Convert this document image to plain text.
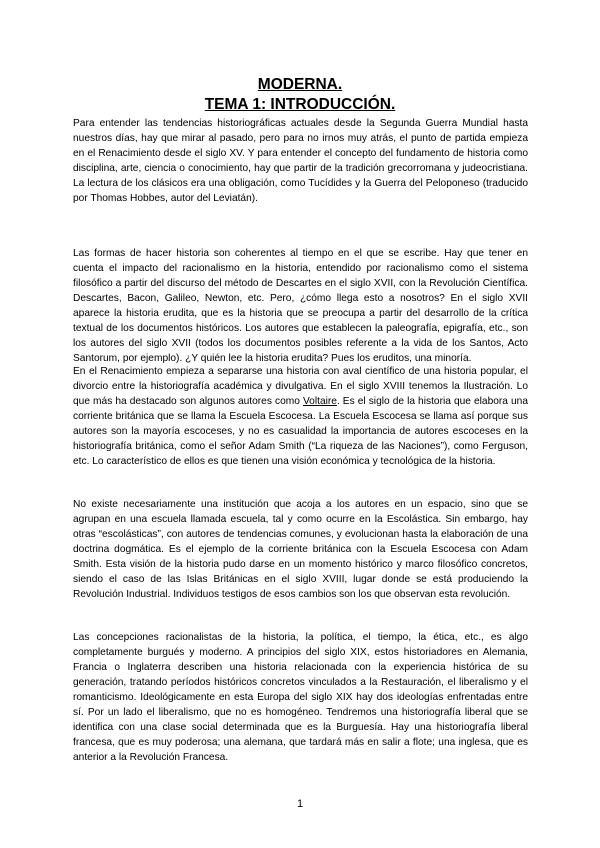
MODERNA.
TEMA 1: INTRODUCCIÓN.

Para entender las tendencias historiográficas actuales desde la Segunda Guerra Mundial hasta nuestros días, hay que mirar al pasado, pero para no irnos muy atrás, el punto de partida empieza en el Renacimiento desde el siglo XV. Y para entender el concepto del fundamento de historia como disciplina, arte, ciencia o conocimiento, hay que partir de la tradición grecorromana y judeocristiana. La lectura de los clásicos era una obligación, como Tucídides y la Guerra del Peloponeso (traducido por Thomas Hobbes, autor del Leviatán).

Las formas de hacer historia son coherentes al tiempo en el que se escribe. Hay que tener en cuenta el impacto del racionalismo en la historia, entendido por racionalismo como el sistema filosófico a partir del discurso del método de Descartes en el siglo XVII, con la Revolución Científica. Descartes, Bacon, Galileo, Newton, etc. Pero, ¿cómo llega esto a nosotros? En el siglo XVII aparece la historia erudita, que es la historia que se preocupa a partir del desarrollo de la crítica textual de los documentos históricos. Los autores que establecen la paleografía, epigrafía, etc., son los autores del siglo XVII (todos los documentos posibles referente a la vida de los Santos, Acto Santorum, por ejemplo). ¿Y quién lee la historia erudita? Pues los eruditos, una minoría.

En el Renacimiento empieza a separarse una historia con aval científico de una historia popular, el divorcio entre la historiografía académica y divulgativa. En el siglo XVIII tenemos la Ilustración. Lo que más ha destacado son algunos autores como Voltaire. Es el siglo de la historia que elabora una corriente británica que se llama la Escuela Escocesa. La Escuela Escocesa se llama así porque sus autores son la mayoría escoceses, y no es casualidad la importancia de autores escoceses en la historiografía británica, como el señor Adam Smith (“La riqueza de las Naciones”), como Ferguson, etc. Lo característico de ellos es que tienen una visión económica y tecnológica de la historia.

No existe necesariamente una institución que acoja a los autores en un espacio, sino que se agrupan en una escuela llamada escuela, tal y como ocurre en la Escolástica. Sin embargo, hay otras “escolásticas”, con autores de tendencias comunes, y evolucionan hasta la elaboración de una doctrina dogmática. Es el ejemplo de la corriente británica con la Escuela Escocesa con Adam Smith. Esta visión de la historia pudo darse en un momento histórico y marco filosófico concretos, siendo el caso de las Islas Británicas en el siglo XVIII, lugar donde se está produciendo la Revolución Industrial. Individuos testigos de esos cambios son los que observan esta revolución.

Las concepciones racionalistas de la historia, la política, el tiempo, la ética, etc., es algo completamente burgués y moderno. A principios del siglo XIX, estos historiadores en Alemania, Francia o Inglaterra describen una historia relacionada con la experiencia histórica de su generación, tratando períodos históricos concretos vinculados a la Restauración, el liberalismo y el romanticismo. Ideológicamente en esta Europa del siglo XIX hay dos ideologías enfrentadas entre sí. Por un lado el liberalismo, que no es homogéneo. Tendremos una historiografía liberal que se identifica con una clase social determinada que es la Burguesía. Hay una historiografía liberal francesa, que es muy poderosa; una alemana, que tardará más en salir a flote; una inglesa, que es anterior a la Revolución Francesa.

1
